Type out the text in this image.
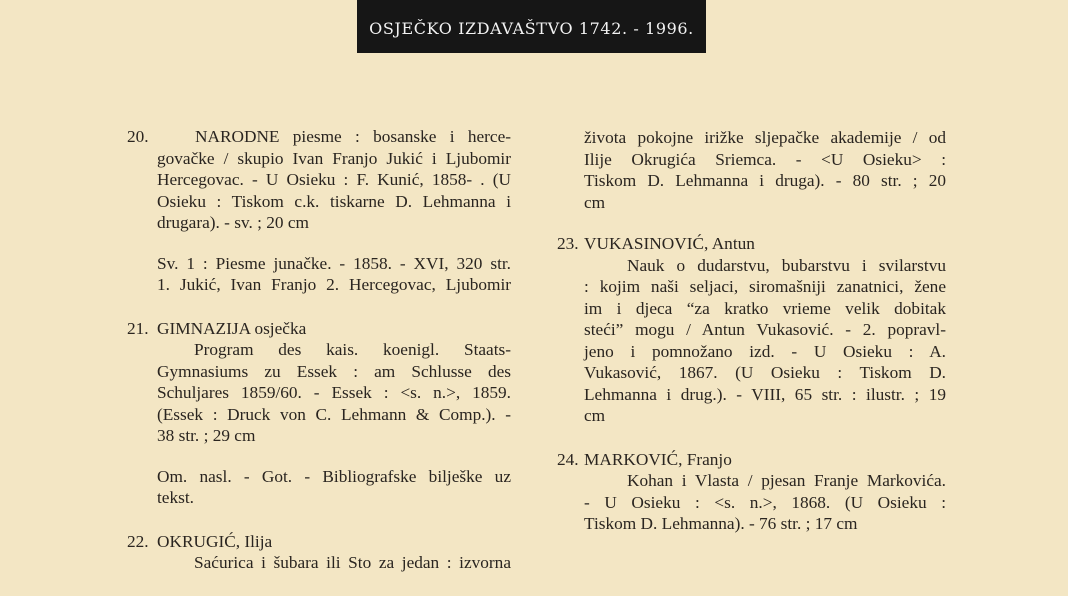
OSJEČKO IZDAVAŠTVO 1742. - 1996.
20.	NARODNE piesme : bosanske i herce-
govačke / skupio Ivan Franjo Jukić i Ljubomir
Hercegovac. - U Osieku : F. Kunić, 1858- . (U
Osieku : Tiskom c.k. tiskarne D. Lehmanna i
drugara). - sv. ; 20 cm
Sv. 1 : Piesme junačke. - 1858. - XVI, 320 str.
1. Jukić, Ivan Franjo 2. Hercegovac, Ljubomir
21. GIMNAZIJA osječka
Program des kais. koenigl. Staats-
Gymnasiums zu Essek : am Schlusse des
Schuljares 1859/60. - Essek : <s. n.>, 1859.
(Essek : Druck von C. Lehmann & Comp.). -
38 str. ; 29 cm
Om. nasl. - Got. - Bibliografske bilješke uz
tekst.
22. OKRUGIĆ, Ilija
Saćurica i šubara ili Sto za jedan : izvorna
života pokojne irižke sljepačke akademije / od
Ilije Okrugića Sriemca. - <U Osieku> :
Tiskom D. Lehmanna i druga). - 80 str. ; 20
cm
23. VUKASINOVIĆ, Antun
Nauk o dudarstvu, bubarstvu i svilarstvu
: kojim naši seljaci, siromašniji zanatnici, žene
im i djeca “za kratko vrieme velik dobitak
steći” mogu / Antun Vukasović. - 2. popravl-
jeno i pomnožano izd. - U Osieku : A.
Vukasović, 1867. (U Osieku : Tiskom D.
Lehmanna i drug.). - VIII, 65 str. : ilustr. ; 19
cm
24. MARKOVIĆ, Franjo
Kohan i Vlasta / pjesan Franje Markovića.
- U Osieku : <s. n.>, 1868. (U Osieku :
Tiskom D. Lehmanna). - 76 str. ; 17 cm
